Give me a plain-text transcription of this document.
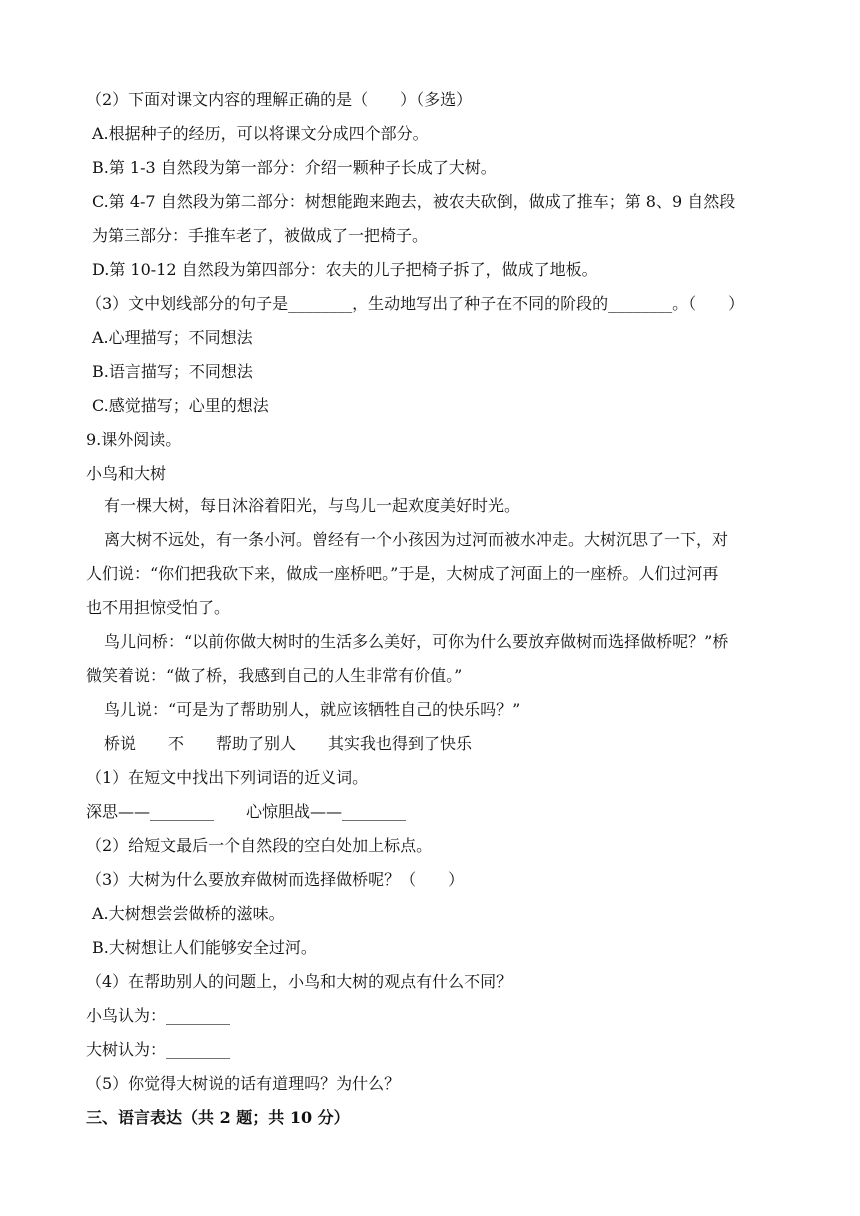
（2）下面对课文内容的理解正确的是（　　）（多选）
A.根据种子的经历，可以将课文分成四个部分。
B.第 1-3 自然段为第一部分：介绍一颗种子长成了大树。
C.第 4-7 自然段为第二部分：树想能跑来跑去，被农夫砍倒，做成了推车；第 8、9 自然段
为第三部分：手推车老了，被做成了一把椅子。
D.第 10-12 自然段为第四部分：农夫的儿子把椅子拆了，做成了地板。
（3）文中划线部分的句子是________，生动地写出了种子在不同的阶段的________。（　　）
A.心理描写；不同想法
B.语言描写；不同想法
C.感觉描写；心里的想法
9.课外阅读。
小鸟和大树
有一棵大树，每日沐浴着阳光，与鸟儿一起欢度美好时光。
离大树不远处，有一条小河。曾经有一个小孩因为过河而被水冲走。大树沉思了一下，对
人们说：“你们把我砍下来，做成一座桥吧。”于是，大树成了河面上的一座桥。人们过河再
也不用担惊受怕了。
鸟儿问桥：“以前你做大树时的生活多么美好，可你为什么要放弃做树而选择做桥呢？”桥
微笑着说：“做了桥，我感到自己的人生非常有价值。”
鸟儿说：“可是为了帮助别人，就应该牺牲自己的快乐吗？”
桥说　　不　　帮助了别人　　其实我也得到了快乐
（1）在短文中找出下列词语的近义词。
深思——________　　心惊胆战——________
（2）给短文最后一个自然段的空白处加上标点。
（3）大树为什么要放弃做树而选择做桥呢？（　　）
A.大树想尝尝做桥的滋味。
B.大树想让人们能够安全过河。
（4）在帮助别人的问题上，小鸟和大树的观点有什么不同？
小鸟认为：________
大树认为：________
（5）你觉得大树说的话有道理吗？为什么？
三、语言表达（共 2 题；共 10 分）
